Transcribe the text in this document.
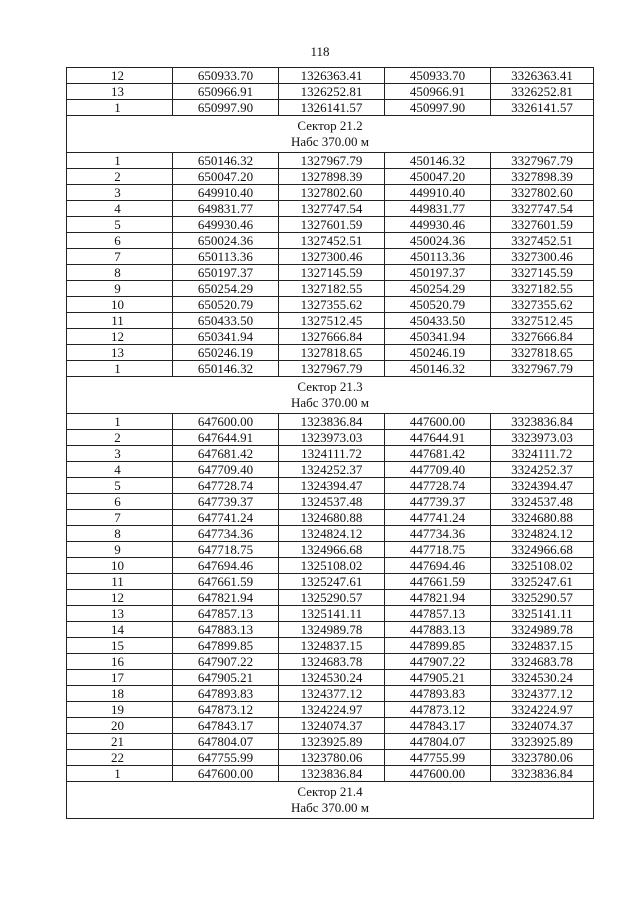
118
12	650933.70	1326363.41	450933.70	3326363.41
13	650966.91	1326252.81	450966.91	3326252.81
1	650997.90	1326141.57	450997.90	3326141.57

Сектор 21.2
Набс 370.00 м				

1	650146.32	1327967.79	450146.32	3327967.79
2	650047.20	1327898.39	450047.20	3327898.39
3	649910.40	1327802.60	449910.40	3327802.60
4	649831.77	1327747.54	449831.77	3327747.54
5	649930.46	1327601.59	449930.46	3327601.59
6	650024.36	1327452.51	450024.36	3327452.51
7	650113.36	1327300.46	450113.36	3327300.46
8	650197.37	1327145.59	450197.37	3327145.59
9	650254.29	1327182.55	450254.29	3327182.55
10	650520.79	1327355.62	450520.79	3327355.62
11	650433.50	1327512.45	450433.50	3327512.45
12	650341.94	1327666.84	450341.94	3327666.84
13	650246.19	1327818.65	450246.19	3327818.65
1	650146.32	1327967.79	450146.32	3327967.79

Сектор 21.3
Набс 370.00 м				

1	647600.00	1323836.84	447600.00	3323836.84
2	647644.91	1323973.03	447644.91	3323973.03
3	647681.42	1324111.72	447681.42	3324111.72
4	647709.40	1324252.37	447709.40	3324252.37
5	647728.74	1324394.47	447728.74	3324394.47
6	647739.37	1324537.48	447739.37	3324537.48
7	647741.24	1324680.88	447741.24	3324680.88
8	647734.36	1324824.12	447734.36	3324824.12
9	647718.75	1324966.68	447718.75	3324966.68
10	647694.46	1325108.02	447694.46	3325108.02
11	647661.59	1325247.61	447661.59	3325247.61
12	647821.94	1325290.57	447821.94	3325290.57
13	647857.13	1325141.11	447857.13	3325141.11
14	647883.13	1324989.78	447883.13	3324989.78
15	647899.85	1324837.15	447899.85	3324837.15
16	647907.22	1324683.78	447907.22	3324683.78
17	647905.21	1324530.24	447905.21	3324530.24
18	647893.83	1324377.12	447893.83	3324377.12
19	647873.12	1324224.97	447873.12	3324224.97
20	647843.17	1324074.37	447843.17	3324074.37
21	647804.07	1323925.89	447804.07	3323925.89
22	647755.99	1323780.06	447755.99	3323780.06
1	647600.00	1323836.84	447600.00	3323836.84

Сектор 21.4
Набс 370.00 м				
